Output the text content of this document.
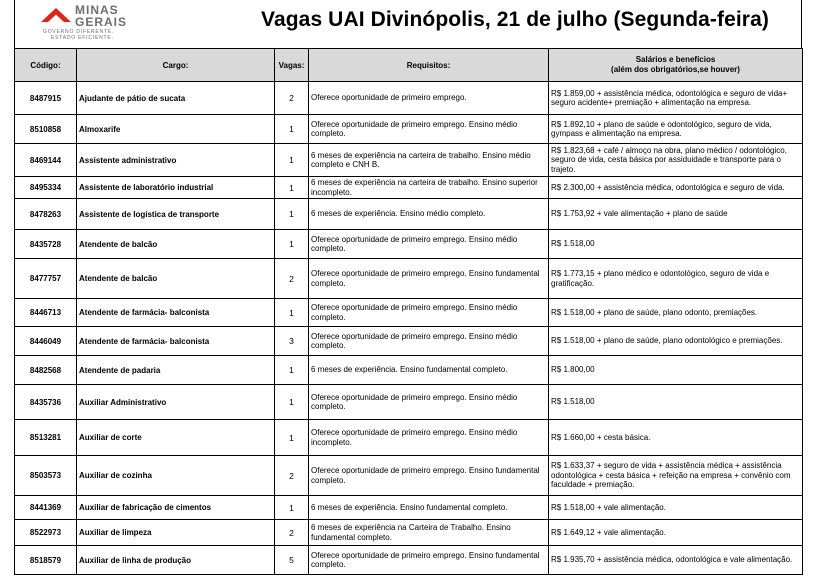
MINAS
GERAIS
GOVERNO DIFERENTE.
ESTADO EFICIENTE.
Vagas UAI Divinópolis, 21 de julho (Segunda-feira)
Código:	Cargo:	Vagas:	Requisitos:	Salários e benefícios
(além dos obrigatórios,se houver)

8487915	Ajudante de pátio de sucata	2	Oferece oportunidade de primeiro emprego.	R$ 1.859,00 + assistência médica, odontológica e seguro de vida+ seguro acidente+ premiação + alimentação na empresa.
8510858	Almoxarife	1	Oferece oportunidade de primeiro emprego. Ensino médio completo.	R$ 1.892,10 + plano de saúde e odontológico, seguro de vida, gympass e alimentação na empresa.
8469144	Assistente administrativo	1	6 meses de experiência na carteira de trabalho. Ensino médio completo e CNH B.	R$ 1.823,68 + café / almoço na obra, plano médico / odontológico, seguro de vida, cesta básica por assiduidade e transporte para o trajeto.
8495334	Assistente de laboratório industrial	1	6 meses de experiência na carteira de trabalho. Ensino superior incompleto.	R$ 2.300,00 + assistência médica, odontológica e seguro de vida.
8478263	Assistente de logística de transporte	1	6 meses de experiência. Ensino médio completo.	R$ 1.753,92 + vale alimentação + plano de saúde
8435728	Atendente de balcão	1	Oferece oportunidade de primeiro emprego. Ensino médio completo.	R$ 1.518,00
8477757	Atendente de balcão	2	Oferece oportunidade de primeiro emprego. Ensino fundamental completo.	R$ 1.773,15 + plano médico e odontológico, seguro de vida e gratificação.
8446713	Atendente de farmácia- balconista	1	Oferece oportunidade de primeiro emprego. Ensino médio completo.	R$ 1.518,00 + plano de saúde, plano odonto, premiações.
8446049	Atendente de farmácia- balconista	3	Oferece oportunidade de primeiro emprego. Ensino médio completo.	R$ 1.518,00 + plano de saúde, plano odontológico e premiações.
8482568	Atendente de padaria	1	6 meses de experiência. Ensino fundamental completo.	R$ 1.800,00
8435736	Auxiliar Administrativo	1	Oferece oportunidade de primeiro emprego. Ensino médio completo.	R$ 1.518,00
8513281	Auxiliar de corte	1	Oferece oportunidade de primeiro emprego. Ensino médio incompleto.	R$ 1.660,00 + cesta básica.
8503573	Auxiliar de cozinha	2	Oferece oportunidade de primeiro emprego. Ensino fundamental completo.	R$ 1.633,37 + seguro de vida + assistência médica + assistência odontológica + cesta básica + refeição na empresa + convênio com faculdade + premiação.
8441369	Auxiliar de fabricação de cimentos	1	6 meses de experiência. Ensino fundamental completo.	R$ 1.518,00 + vale alimentação.
8522973	Auxiliar de limpeza	2	6 meses de experiência na Carteira de Trabalho. Ensino fundamental completo.	R$ 1.649,12 + vale alimentação.
8518579	Auxiliar de linha de produção	5	Oferece oportunidade de primeiro emprego. Ensino fundamental completo.	R$ 1.935,70 + assistência médica, odontológica e vale alimentação.
